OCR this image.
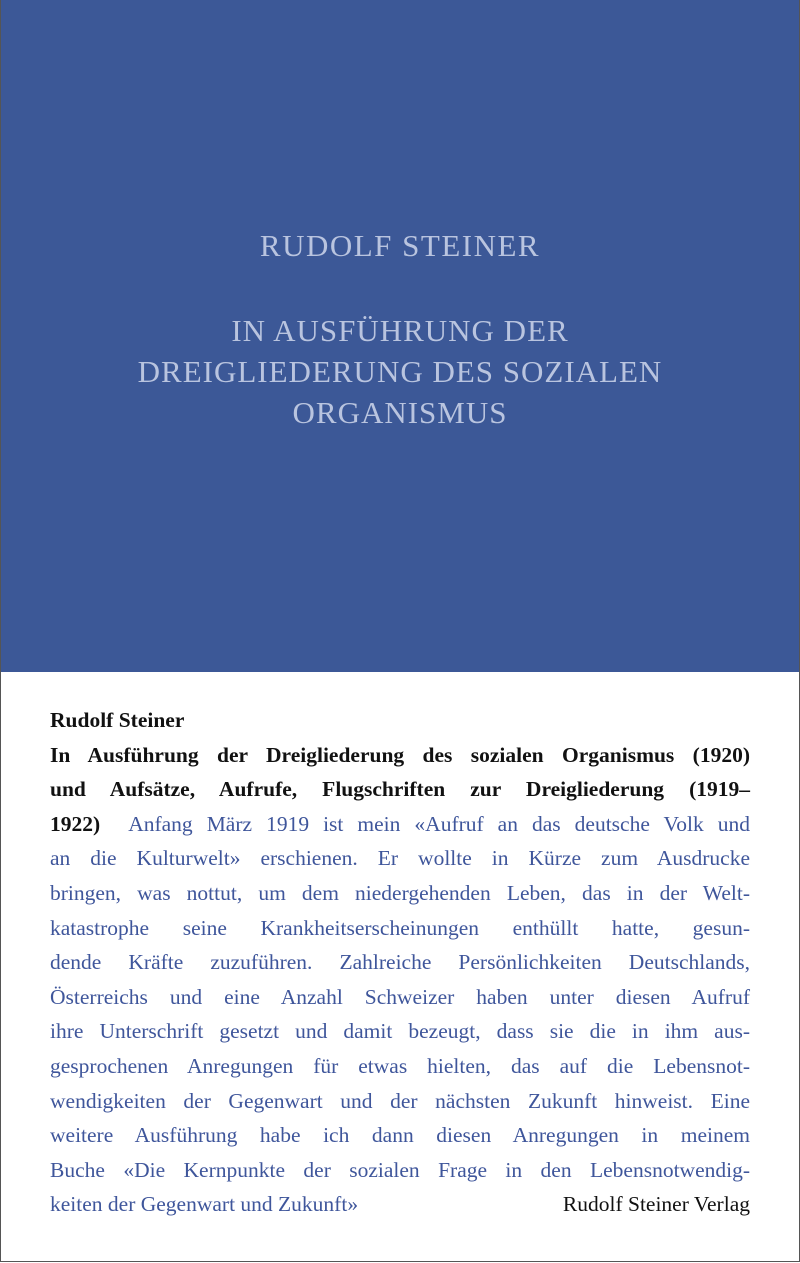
RUDOLF STEINER
IN AUSFÜHRUNG DER
DREIGLIEDERUNG DES SOZIALEN
ORGANISMUS
Rudolf Steiner
In Ausführung der Dreigliederung des sozialen Organismus (1920)
und Aufsätze, Aufrufe, Flugschriften zur Dreigliederung (1919–
1922) Anfang März 1919 ist mein «Aufruf an das deutsche Volk und
an die Kulturwelt» erschienen. Er wollte in Kürze zum Ausdrucke
bringen, was nottut, um dem niedergehenden Leben, das in der Welt-
katastrophe seine Krankheitserscheinungen enthüllt hatte, gesun-
dende Kräfte zuzuführen. Zahlreiche Persönlichkeiten Deutschlands,
Österreichs und eine Anzahl Schweizer haben unter diesen Aufruf
ihre Unterschrift gesetzt und damit bezeugt, dass sie die in ihm aus-
gesprochenen Anregungen für etwas hielten, das auf die Lebensnot-
wendigkeiten der Gegenwart und der nächsten Zukunft hinweist. Eine
weitere Ausführung habe ich dann diesen Anregungen in meinem
Buche «Die Kernpunkte der sozialen Frage in den Lebensnotwendig-
keiten der Gegenwart und Zukunft»	Rudolf Steiner Verlag
